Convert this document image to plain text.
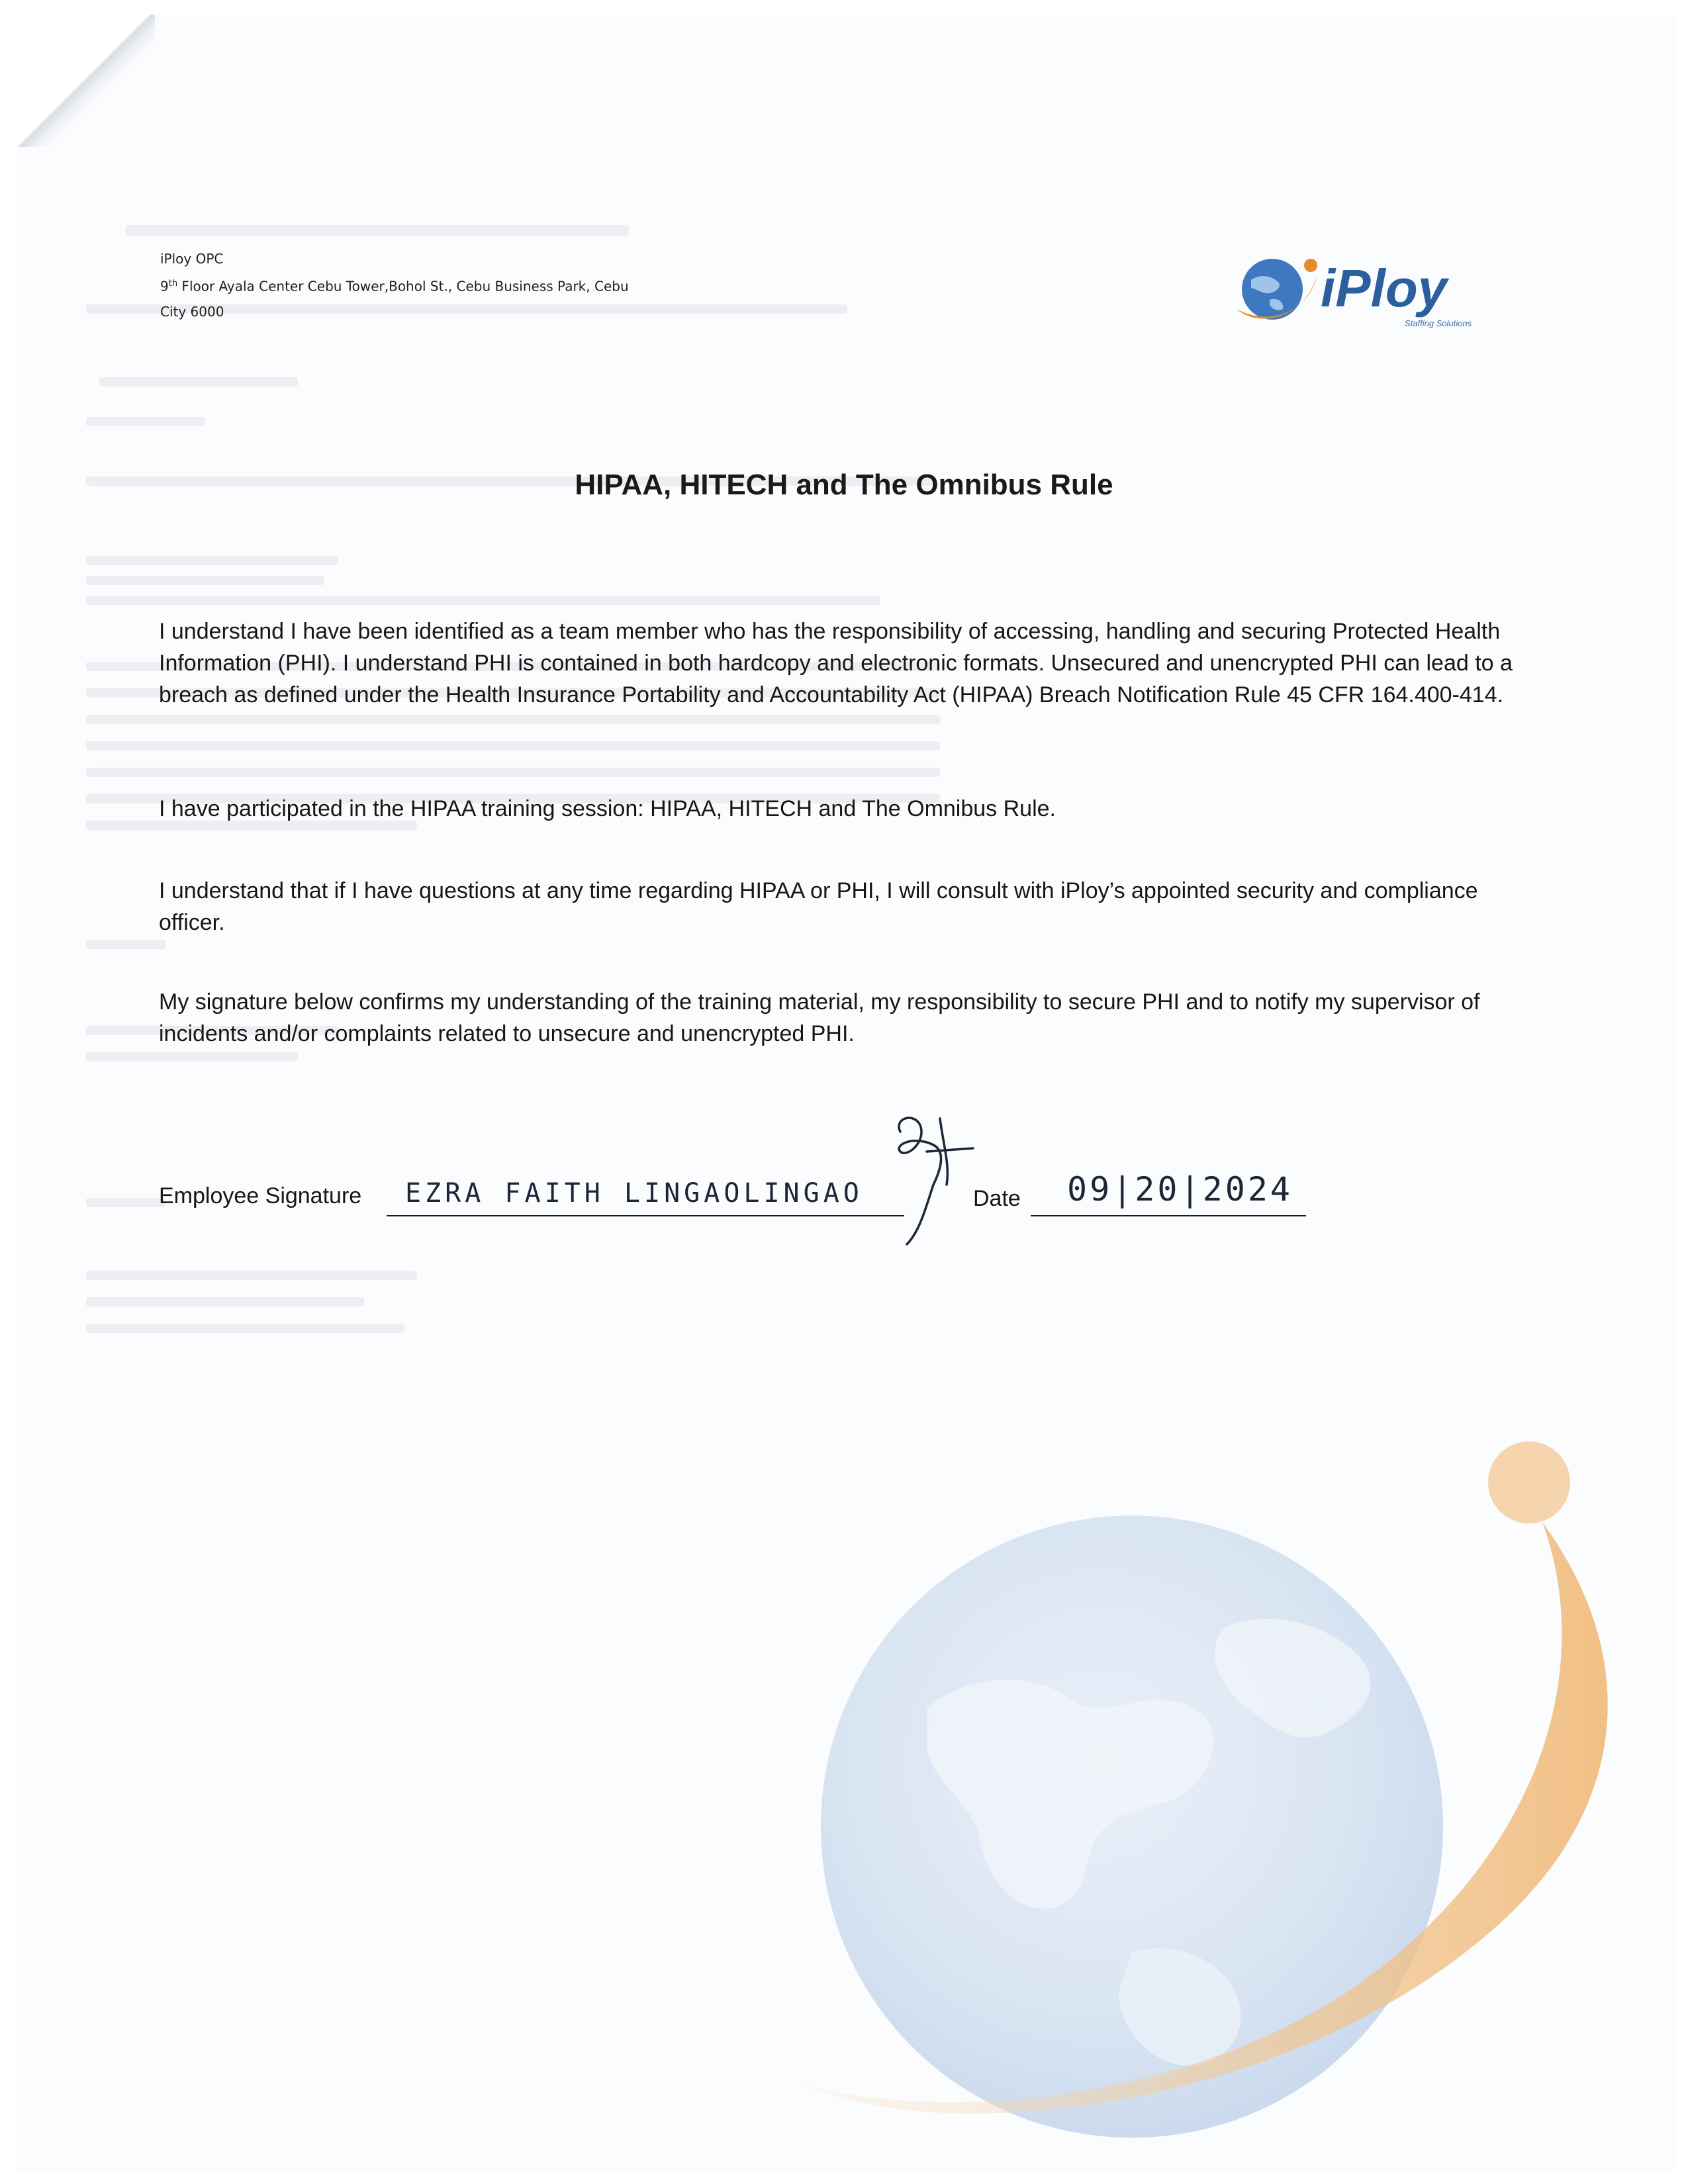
iPloy OPC
9th Floor Ayala Center Cebu Tower,Bohol St., Cebu Business Park, Cebu
City 6000	iPloy
Staffing Solutions
HIPAA, HITECH and The Omnibus Rule
I understand I have been identified as a team member who has the responsibility of accessing, handling and securing Protected Health Information (PHI). I understand PHI is contained in both hardcopy and electronic formats. Unsecured and unencrypted PHI can lead to a breach as defined under the Health Insurance Portability and Accountability Act (HIPAA) Breach Notification Rule 45 CFR 164.400-414.
I have participated in the HIPAA training session: HIPAA, HITECH and The Omnibus Rule.
I understand that if I have questions at any time regarding HIPAA or PHI, I will consult with iPloy’s appointed security and compliance officer.
My signature below confirms my understanding of the training material, my responsibility to secure PHI and to notify my supervisor of incidents and/or complaints related to unsecure and unencrypted PHI.
Employee Signature EZRA FAITH LINGAOLINGAO	Date 09|20|2024
